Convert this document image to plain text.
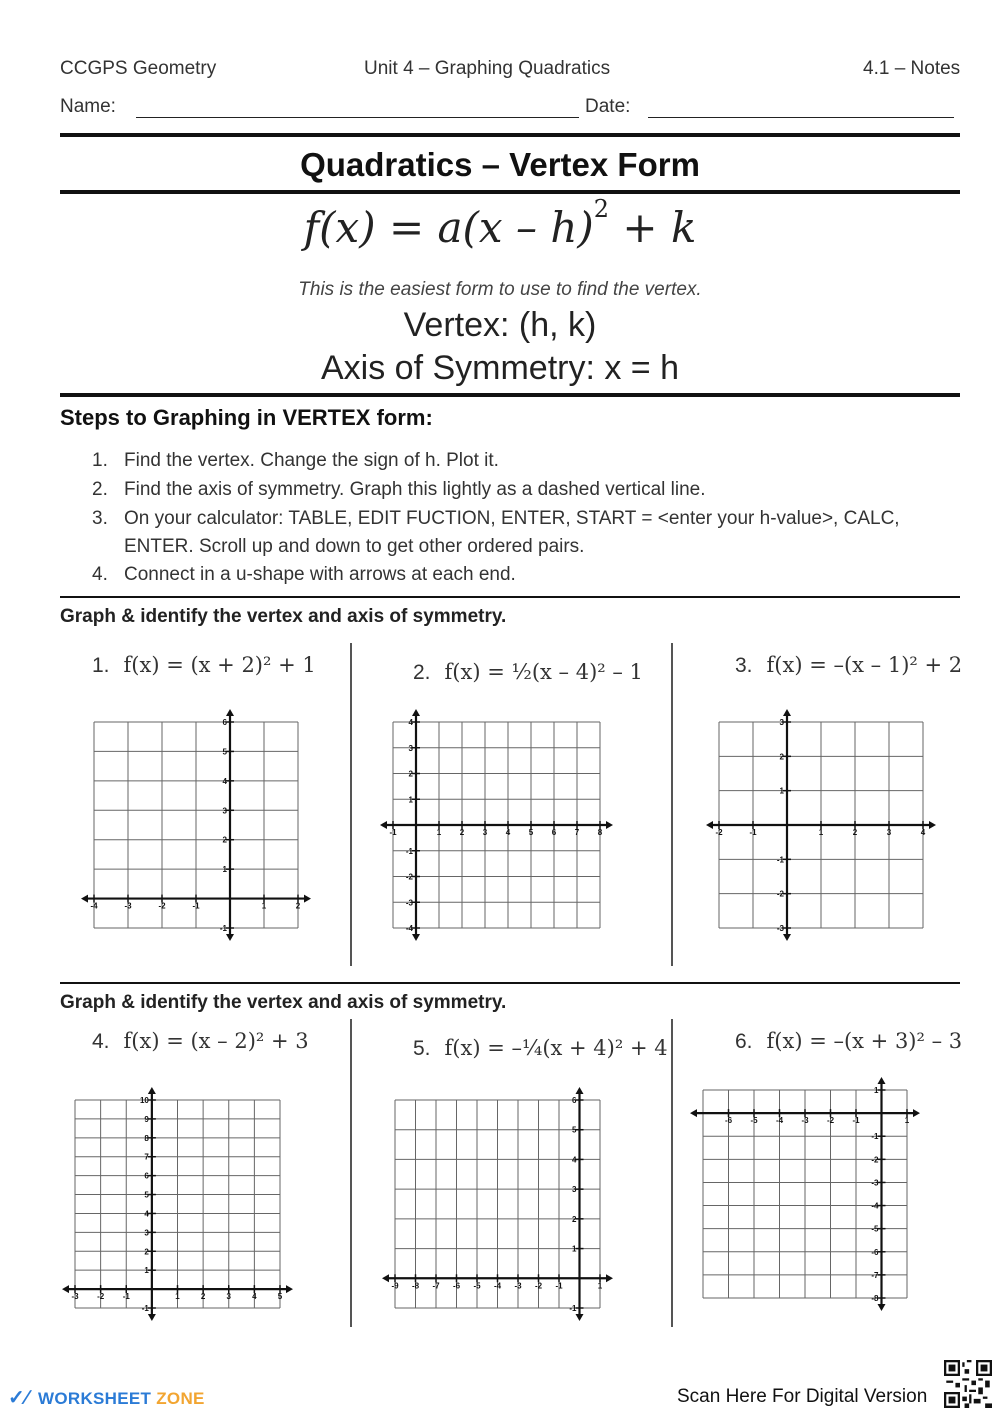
CCGPS Geometry	Unit 4 – Graphing Quadratics	4.1 – Notes
Name:	Date:
Quadratics – Vertex Form
f(x) = a(x – h)$^2$ + k
This is the easiest form to use to find the vertex.
Vertex: (h, k)
Axis of Symmetry: x = h
Steps to Graphing in VERTEX form:
1. Find the vertex. Change the sign of h. Plot it.
2. Find the axis of symmetry. Graph this lightly as a dashed vertical line.
3. On your calculator: TABLE, EDIT FUCTION, ENTER, START = <enter your h-value>, CALC,
ENTER. Scroll up and down to get other ordered pairs.
4. Connect in a u-shape with arrows at each end.
Graph & identify the vertex and axis of symmetry.
1. f(x) = (x + 2)² + 1	2. f(x) = ½(x – 4)² – 1	3. f(x) = –(x – 1)² + 2
-4	-3	-2	-1	1	2
-1
1
2
3
4
5
6
-1	1 2 3 4 5 6 7 8
-4
-3
-2
-1
1
2
3
4
-2	-1	1	2	3	4
-3
-2
-1
1
2
3
Graph & identify the vertex and axis of symmetry.
4. f(x) = (x – 2)² + 3	5. f(x) = –¼(x + 4)² + 4	6. f(x) = –(x + 3)² – 3
-3 -2 -1	1	2	3	4	5
-1
1
2
3
4
5
6
7
8
9
10
-9 -8 -7 -6 -5 -4 -3 -2 -1	1
-1
1
2
3
4
5
6
-6 -5 -4 -3 -2 -1	1
-8
-7
-6
-5
-4
-3
-2
-1
1
✓∕ WORKSHEET ZONE	Scan Here For Digital Version
